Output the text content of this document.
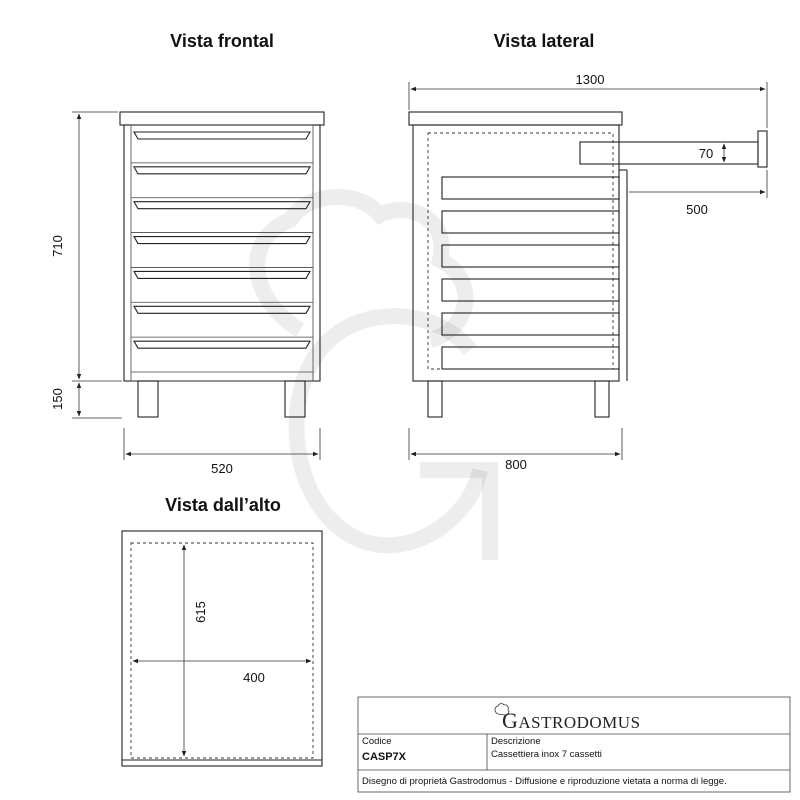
Vista frontal	Vista lateral
Vista dall’alto
710
150
520
70
1300
500
800
615
400
GASTRODOMUS
Codice
CASP7X
Descrizione
Cassettiera inox 7 cassetti
Disegno di proprietà Gastrodomus - Diffusione e riproduzione vietata a norma di legge.
